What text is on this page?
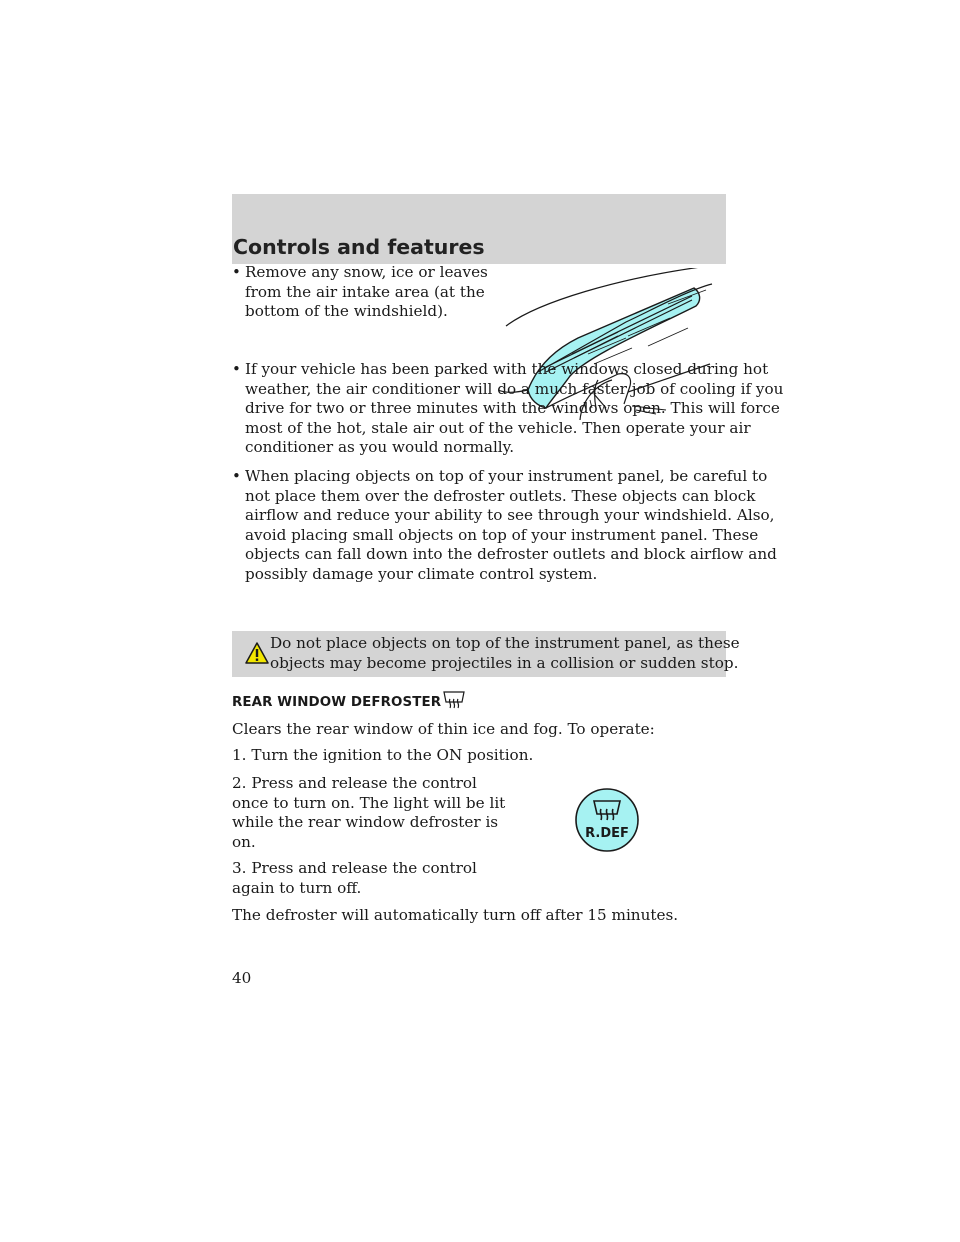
Controls and features
• Remove any snow, ice or leaves

from the air intake area (at the

bottom of the windshield).

• If your vehicle has been parked with the windows closed during hot

weather, the air conditioner will do a much faster job of cooling if you

drive for two or three minutes with the windows open. This will force

most of the hot, stale air out of the vehicle. Then operate your air

conditioner as you would normally.

• When placing objects on top of your instrument panel, be careful to

not place them over the defroster outlets. These objects can block

airflow and reduce your ability to see through your windshield. Also,

avoid placing small objects on top of your instrument panel. These

objects can fall down into the defroster outlets and block airflow and

possibly damage your climate control system.

Do not place objects on top of the instrument panel, as these
objects may become projectiles in a collision or sudden stop.
REAR WINDOW DEFROSTER

Clears the rear window of thin ice and fog. To operate:

1. Turn the ignition to the ON position.

2. Press and release the control

once to turn on. The light will be lit

while the rear window defroster is

on.

3. Press and release the control

again to turn off.

The defroster will automatically turn off after 15 minutes.

R.DEF
40
